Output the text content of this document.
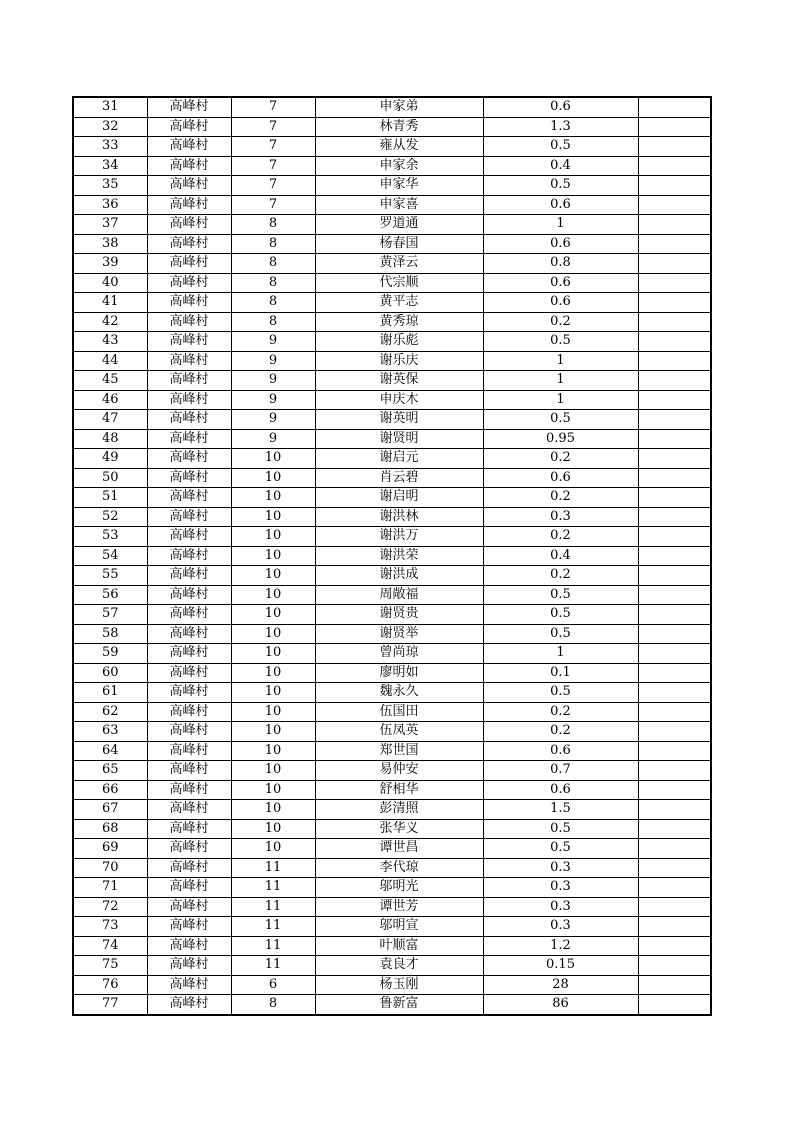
31	高峰村	7	申家弟	0.6	
32	高峰村	7	林青秀	1.3	
33	高峰村	7	雍从发	0.5	
34	高峰村	7	申家余	0.4	
35	高峰村	7	申家华	0.5	
36	高峰村	7	申家喜	0.6	
37	高峰村	8	罗道通	1	
38	高峰村	8	杨春国	0.6	
39	高峰村	8	黄泽云	0.8	
40	高峰村	8	代宗顺	0.6	
41	高峰村	8	黄平志	0.6	
42	高峰村	8	黄秀琼	0.2	
43	高峰村	9	谢乐彪	0.5	
44	高峰村	9	谢乐庆	1	
45	高峰村	9	谢英保	1	
46	高峰村	9	申庆木	1	
47	高峰村	9	谢英明	0.5	
48	高峰村	9	谢贤明	0.95	
49	高峰村	10	谢启元	0.2	
50	高峰村	10	肖云碧	0.6	
51	高峰村	10	谢启明	0.2	
52	高峰村	10	谢洪林	0.3	
53	高峰村	10	谢洪万	0.2	
54	高峰村	10	谢洪荣	0.4	
55	高峰村	10	谢洪成	0.2	
56	高峰村	10	周敞福	0.5	
57	高峰村	10	谢贤贵	0.5	
58	高峰村	10	谢贤举	0.5	
59	高峰村	10	曾尚琼	1	
60	高峰村	10	廖明如	0.1	
61	高峰村	10	魏永久	0.5	
62	高峰村	10	伍国田	0.2	
63	高峰村	10	伍凤英	0.2	
64	高峰村	10	郑世国	0.6	
65	高峰村	10	易仲安	0.7	
66	高峰村	10	舒相华	0.6	
67	高峰村	10	彭清照	1.5	
68	高峰村	10	张华义	0.5	
69	高峰村	10	谭世昌	0.5	
70	高峰村	11	李代琼	0.3	
71	高峰村	11	邬明光	0.3	
72	高峰村	11	谭世芳	0.3	
73	高峰村	11	邬明宣	0.3	
74	高峰村	11	叶顺富	1.2	
75	高峰村	11	袁良才	0.15	
76	高峰村	6	杨玉刚	28	
77	高峰村	8	鲁新富	86	
